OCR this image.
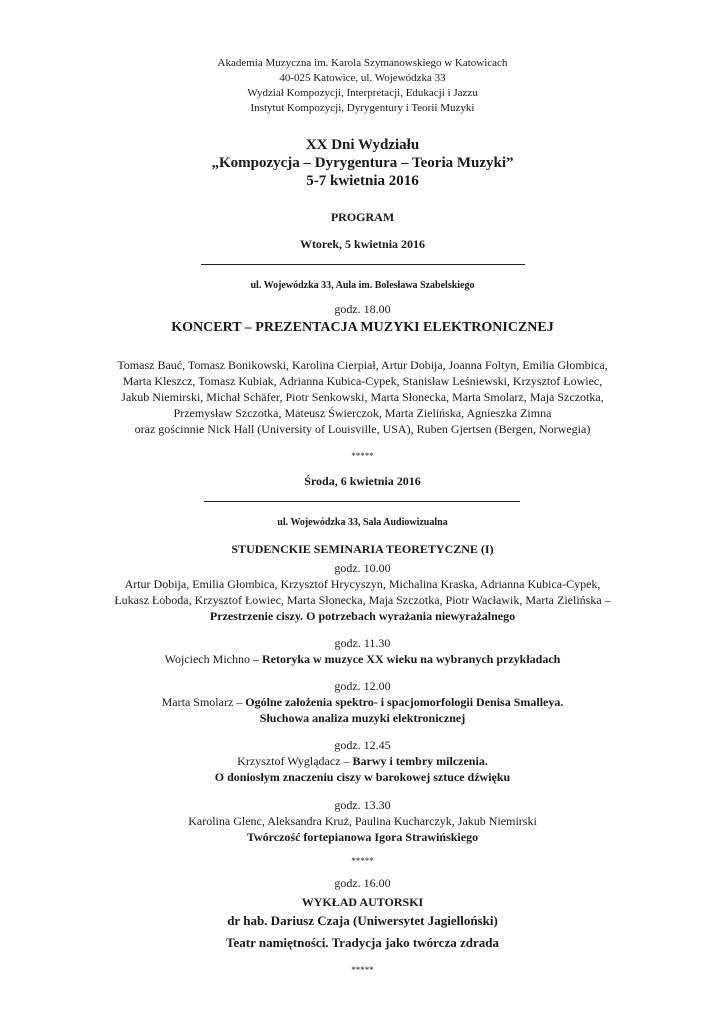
Akademia Muzyczna im. Karola Szymanowskiego w Katowicach
40-025 Katowice, ul. Wojewódzka 33
Wydział Kompozycji, Interpretacji, Edukacji i Jazzu
Instytut Kompozycji, Dyrygentury i Teorii Muzyki
XX Dni Wydziału
„Kompozycja – Dyrygentura – Teoria Muzyki”
5-7 kwietnia 2016
PROGRAM
Wtorek, 5 kwietnia 2016
ul. Wojewódzka 33, Aula im. Bolesława Szabelskiego
godz. 18.00
KONCERT – PREZENTACJA MUZYKI ELEKTRONICZNEJ
Tomasz Bauć, Tomasz Bonikowski, Karolina Cierpiał, Artur Dobija, Joanna Foltyn, Emilia Głombica,
Marta Kleszcz, Tomasz Kubiak, Adrianna Kubica-Cypek, Stanisław Leśniewski, Krzysztof Łowiec,
Jakub Niemirski, Michał Schäfer, Piotr Senkowski, Marta Słonecka, Marta Smolarz, Maja Szczotka,
Przemysław Szczotka, Mateusz Świerczok, Marta Zielińska, Agnieszka Zimna
oraz gościnnie Nick Hall (University of Louisville, USA), Ruben Gjertsen (Bergen, Norwegia)
*****
Środa, 6 kwietnia 2016
ul. Wojewódzka 33, Sala Audiowizualna
STUDENCKIE SEMINARIA TEORETYCZNE (I)
godz. 10.00
Artur Dobija, Emilia Głombica, Krzysztof Hrycyszyn, Michalina Kraska, Adrianna Kubica-Cypek,
Łukasz Łoboda, Krzysztof Łowiec, Marta Słonecka, Maja Szczotka, Piotr Wacławik, Marta Zielińska –
Przestrzenie ciszy. O potrzebach wyrażania niewyrażalnego
godz. 11.30
Wojciech Michno – Retoryka w muzyce XX wieku na wybranych przykładach
godz. 12.00
Marta Smolarz – Ogólne założenia spektro- i spacjomorfologii Denisa Smalleya.
Słuchowa analiza muzyki elektronicznej
godz. 12.45
Krzysztof Wyglądacz – Barwy i tembry milczenia.
O doniosłym znaczeniu ciszy w barokowej sztuce dźwięku
godz. 13.30
Karolina Glenc, Aleksandra Kruż, Paulina Kucharczyk, Jakub Niemirski
Twórczość fortepianowa Igora Strawińskiego
*****
godz. 16.00
WYKŁAD AUTORSKI
dr hab. Dariusz Czaja (Uniwersytet Jagielloński)
Teatr namiętności. Tradycja jako twórcza zdrada
*****
